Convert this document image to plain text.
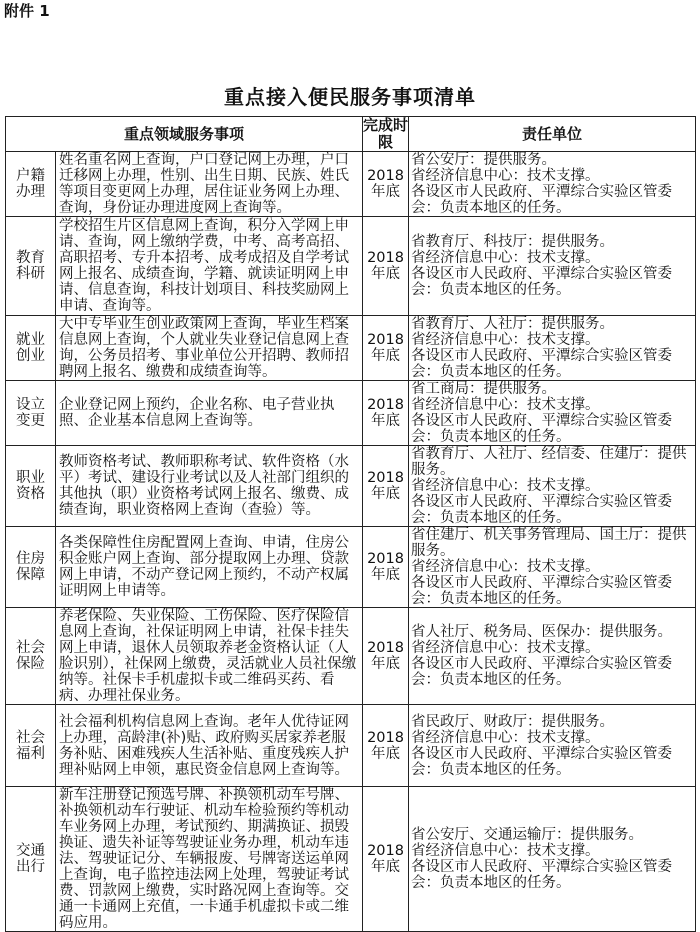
附件 1
重点接入便民服务事项清单
重点领域服务事项		完成时限	责任单位
户籍办理	姓名重名网上查询，户口登记网上办理，户口迁移网上办理，性别、出生日期、民族、姓氏等项目变更网上办理，居住证业务网上办理、查询，身份证办理进度网上查询等。	2018年底	省公安厅：提供服务。
省经济信息中心：技术支撑。
各设区市人民政府、平潭综合实验区管委会：负责本地区的任务。

教育科研	学校招生片区信息网上查询，积分入学网上申请、查询，网上缴纳学费，中考、高考高招、高职招考、专升本招考、成考成招及自学考试网上报名、成绩查询，学籍、就读证明网上申请、信息查询，科技计划项目、科技奖励网上申请、查询等。	2018年底	省教育厅、科技厅：提供服务。
省经济信息中心：技术支撑。
各设区市人民政府、平潭综合实验区管委会：负责本地区的任务。

就业创业	大中专毕业生创业政策网上查询，毕业生档案信息网上查询，个人就业失业登记信息网上查询，公务员招考、事业单位公开招聘、教师招聘网上报名、缴费和成绩查询等。	2018年底	省教育厅、人社厅：提供服务。
省经济信息中心：技术支撑。
各设区市人民政府、平潭综合实验区管委会：负责本地区的任务。

设立变更	企业登记网上预约，企业名称、电子营业执照、企业基本信息网上查询等。	2018年底	省工商局：提供服务。
省经济信息中心：技术支撑。
各设区市人民政府、平潭综合实验区管委会：负责本地区的任务。

职业资格	教师资格考试、教师职称考试、软件资格（水平）考试、建设行业考试以及人社部门组织的其他执（职）业资格考试网上报名、缴费、成绩查询，职业资格网上查询（查验）等。	2018年底	省教育厅、人社厅、经信委、住建厅：提供服务。
省经济信息中心：技术支撑。
各设区市人民政府、平潭综合实验区管委会：负责本地区的任务。

住房保障	各类保障性住房配置网上查询、申请，住房公积金账户网上查询、部分提取网上办理、贷款网上申请，不动产登记网上预约，不动产权属证明网上申请等。	2018年底	省住建厅、机关事务管理局、国土厅：提供服务。
省经济信息中心：技术支撑。
各设区市人民政府、平潭综合实验区管委会：负责本地区的任务。

社会保险	养老保险、失业保险、工伤保险、医疗保险信息网上查询，社保证明网上申请，社保卡挂失网上申请，退休人员领取养老金资格认证（人脸识别），社保网上缴费，灵活就业人员社保缴纳等。社保卡手机虚拟卡或二维码买药、看病、办理社保业务。	2018年底	省人社厅、税务局、医保办：提供服务。
省经济信息中心：技术支撑。
各设区市人民政府、平潭综合实验区管委会：负责本地区的任务。

社会福利	社会福利机构信息网上查询。老年人优待证网上办理，高龄津(补)贴、政府购买居家养老服务补贴、困难残疾人生活补贴、重度残疾人护理补贴网上申领，惠民资金信息网上查询等。	2018年底	省民政厅、财政厅：提供服务。
省经济信息中心：技术支撑。
各设区市人民政府、平潭综合实验区管委会：负责本地区的任务。

交通出行	新车注册登记预选号牌、补换领机动车号牌、补换领机动车行驶证、机动车检验预约等机动车业务网上办理，考试预约、期满换证、损毁换证、遗失补证等驾驶证业务办理，机动车违法、驾驶证记分、车辆报废、号牌寄送运单网上查询，电子监控违法网上处理，驾驶证考试费、罚款网上缴费，实时路况网上查询等。交通一卡通网上充值，一卡通手机虚拟卡或二维码应用。	2018年底	省公安厅、交通运输厅：提供服务。
省经济信息中心：技术支撑。
各设区市人民政府、平潭综合实验区管委会：负责本地区的任务。
